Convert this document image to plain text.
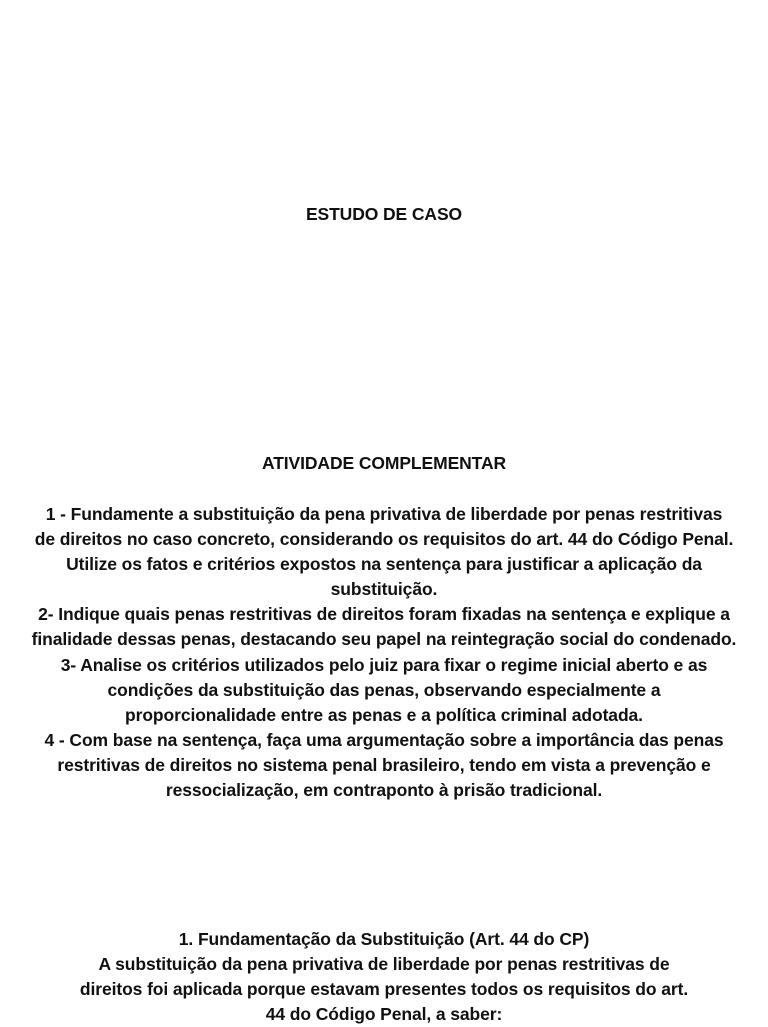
ESTUDO DE CASO
ATIVIDADE COMPLEMENTAR
1 - Fundamente a substituição da pena privativa de liberdade por penas restritivas
de direitos no caso concreto, considerando os requisitos do art. 44 do Código Penal.
Utilize os fatos e critérios expostos na sentença para justificar a aplicação da
substituição.
2- Indique quais penas restritivas de direitos foram fixadas na sentença e explique a
finalidade dessas penas, destacando seu papel na reintegração social do condenado.
3- Analise os critérios utilizados pelo juiz para fixar o regime inicial aberto e as
condições da substituição das penas, observando especialmente a
proporcionalidade entre as penas e a política criminal adotada.
4 - Com base na sentença, faça uma argumentação sobre a importância das penas
restritivas de direitos no sistema penal brasileiro, tendo em vista a prevenção e
ressocialização, em contraponto à prisão tradicional.
1. Fundamentação da Substituição (Art. 44 do CP)
A substituição da pena privativa de liberdade por penas restritivas de
direitos foi aplicada porque estavam presentes todos os requisitos do art.
44 do Código Penal, a saber:
